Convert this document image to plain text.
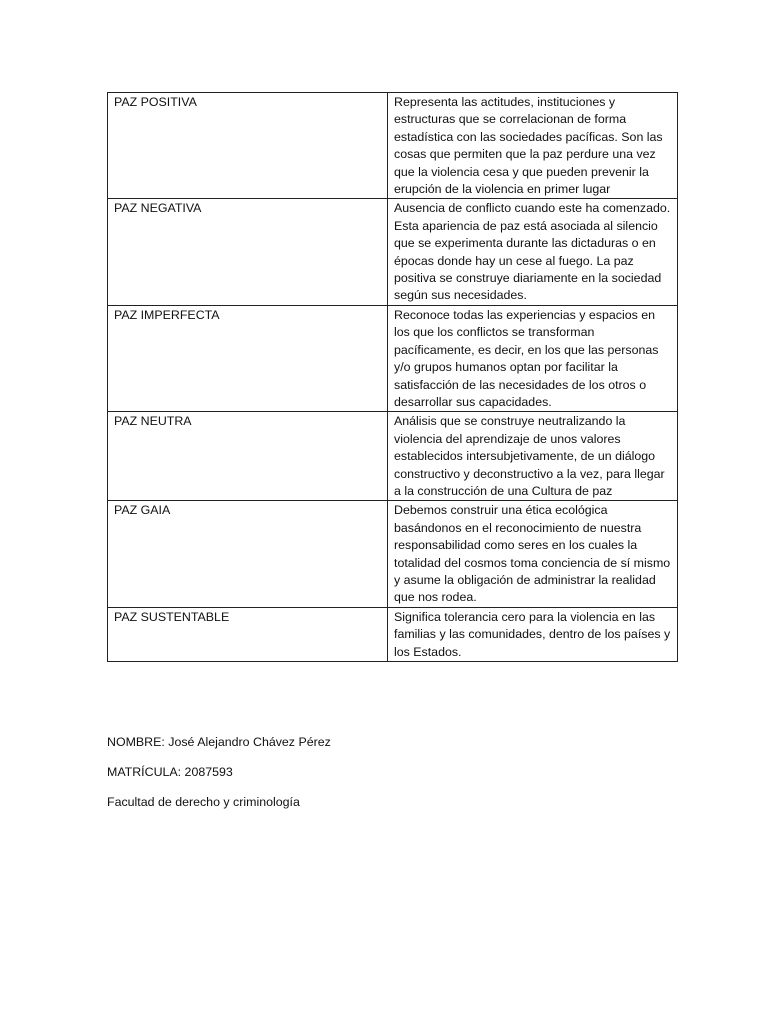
PAZ POSITIVA	Representa las actitudes, instituciones y estructuras que se correlacionan de forma estadística con las sociedades pacíficas. Son las cosas que permiten que la paz perdure una vez que la violencia cesa y que pueden prevenir la erupción de la violencia en primer lugar
PAZ NEGATIVA	Ausencia de conflicto cuando este ha comenzado. Esta apariencia de paz está asociada al silencio que se experimenta durante las dictaduras o en épocas donde hay un cese al fuego. La paz positiva se construye diariamente en la sociedad según sus necesidades.
PAZ IMPERFECTA	Reconoce todas las experiencias y espacios en los que los conflictos se transforman pacíficamente, es decir, en los que las personas y/o grupos humanos optan por facilitar la satisfacción de las necesidades de los otros o desarrollar sus capacidades.
PAZ NEUTRA	Análisis que se construye neutralizando la violencia del aprendizaje de unos valores establecidos intersubjetivamente, de un diálogo constructivo y deconstructivo a la vez, para llegar a la construcción de una Cultura de paz
PAZ GAIA	Debemos construir una ética ecológica basándonos en el reconocimiento de nuestra responsabilidad como seres en los cuales la totalidad del cosmos toma conciencia de sí mismo y asume la obligación de administrar la realidad que nos rodea.
PAZ SUSTENTABLE	Significa tolerancia cero para la violencia en las familias y las comunidades, dentro de los países y los Estados.

NOMBRE: José Alejandro Chávez Pérez

MATRÍCULA: 2087593

Facultad de derecho y criminología
